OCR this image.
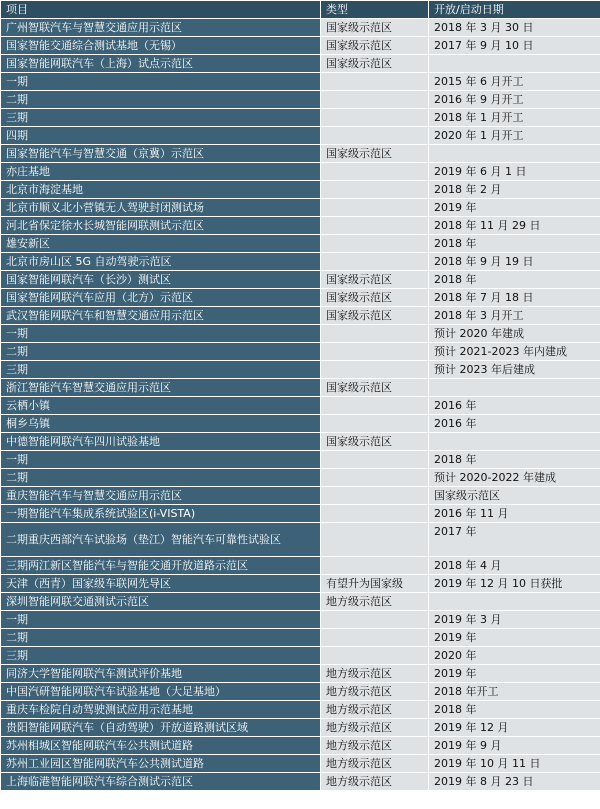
项目	类型	开放/启动日期
广州智联汽车与智慧交通应用示范区	国家级示范区	2018 年 3 月 30 日
国家智能交通综合测试基地（无锡）	国家级示范区	2017 年 9 月 10 日
国家智能网联汽车（上海）试点示范区	国家级示范区	
一期		2015 年 6 月开工
二期		2016 年 9 月开工
三期		2018 年 1 月开工
四期		2020 年 1 月开工
国家智能汽车与智慧交通（京冀）示范区	国家级示范区	
亦庄基地		2019 年 6 月 1 日
北京市海淀基地		2018 年 2 月
北京市顺义北小营镇无人驾驶封闭测试场		2019 年
河北省保定徐水长城智能网联测试示范区		2018 年 11 月 29 日
雄安新区		2018 年
北京市房山区 5G 自动驾驶示范区		2018 年 9 月 19 日
国家智能网联汽车（长沙）测试区	国家级示范区	2018 年
国家智能网联汽车应用（北方）示范区	国家级示范区	2018 年 7 月 18 日
武汉智能网联汽车和智慧交通应用示范区	国家级示范区	2018 年 3 月开工
一期		预计 2020 年建成
二期		预计 2021-2023 年内建成
三期		预计 2023 年后建成
浙江智能汽车智慧交通应用示范区	国家级示范区	
云栖小镇		2016 年
桐乡乌镇		2016 年
中德智能网联汽车四川试验基地	国家级示范区	
一期		2018 年
二期		预计 2020-2022 年建成
重庆智能汽车与智慧交通应用示范区		国家级示范区
一期智能汽车集成系统试验区(i-VISTA)		2016 年 11 月
二期重庆西部汽车试验场（垫江）智能汽车可靠性试验区		2017 年
三期两江新区智能汽车与智能交通开放道路示范区		2018 年 4 月
天津（西青）国家级车联网先导区	有望升为国家级	2019 年 12 月 10 日获批
深圳智能网联交通测试示范区	地方级示范区	
一期		2019 年 3 月
二期		2019 年
三期		2020 年
同济大学智能网联汽车测试评价基地	地方级示范区	2019 年
中国汽研智能网联汽车试验基地（大足基地）	地方级示范区	2018 年开工
重庆车检院自动驾驶测试应用示范基地	地方级示范区	2018 年
贵阳智能网联汽车（自动驾驶）开放道路测试区域	地方级示范区	2019 年 12 月
苏州相城区智能网联汽车公共测试道路	地方级示范区	2019 年 9 月
苏州工业园区智能网联汽车公共测试道路	地方级示范区	2019 年 10 月 11 日
上海临港智能网联汽车综合测试示范区	地方级示范区	2019 年 8 月 23 日
